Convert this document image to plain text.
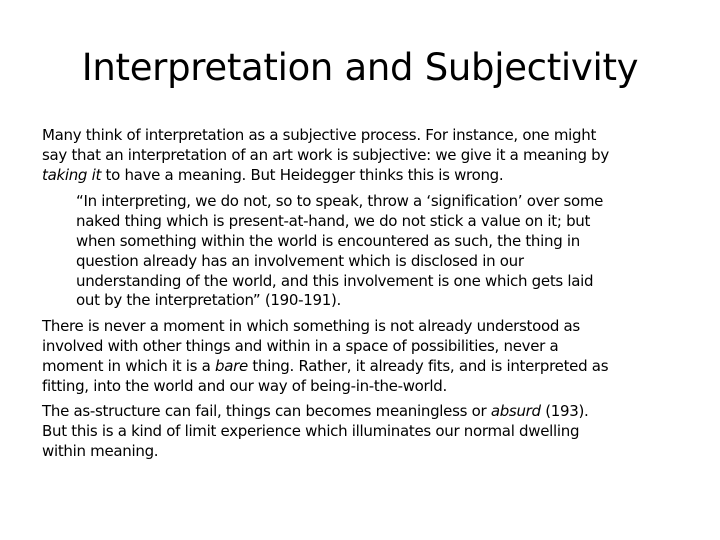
Interpretation and Subjectivity

Many think of interpretation as a subjective process. For instance, one might
say that an interpretation of an art work is subjective: we give it a meaning by
taking it to have a meaning. But Heidegger thinks this is wrong.

“In interpreting, we do not, so to speak, throw a ‘signification’ over some
naked thing which is present-at-hand, we do not stick a value on it; but
when something within the world is encountered as such, the thing in
question already has an involvement which is disclosed in our
understanding of the world, and this involvement is one which gets laid
out by the interpretation” (190-191).

There is never a moment in which something is not already understood as
involved with other things and within in a space of possibilities, never a
moment in which it is a bare thing. Rather, it already fits, and is interpreted as
fitting, into the world and our way of being-in-the-world.

The as-structure can fail, things can becomes meaningless or absurd (193).
But this is a kind of limit experience which illuminates our normal dwelling
within meaning.
